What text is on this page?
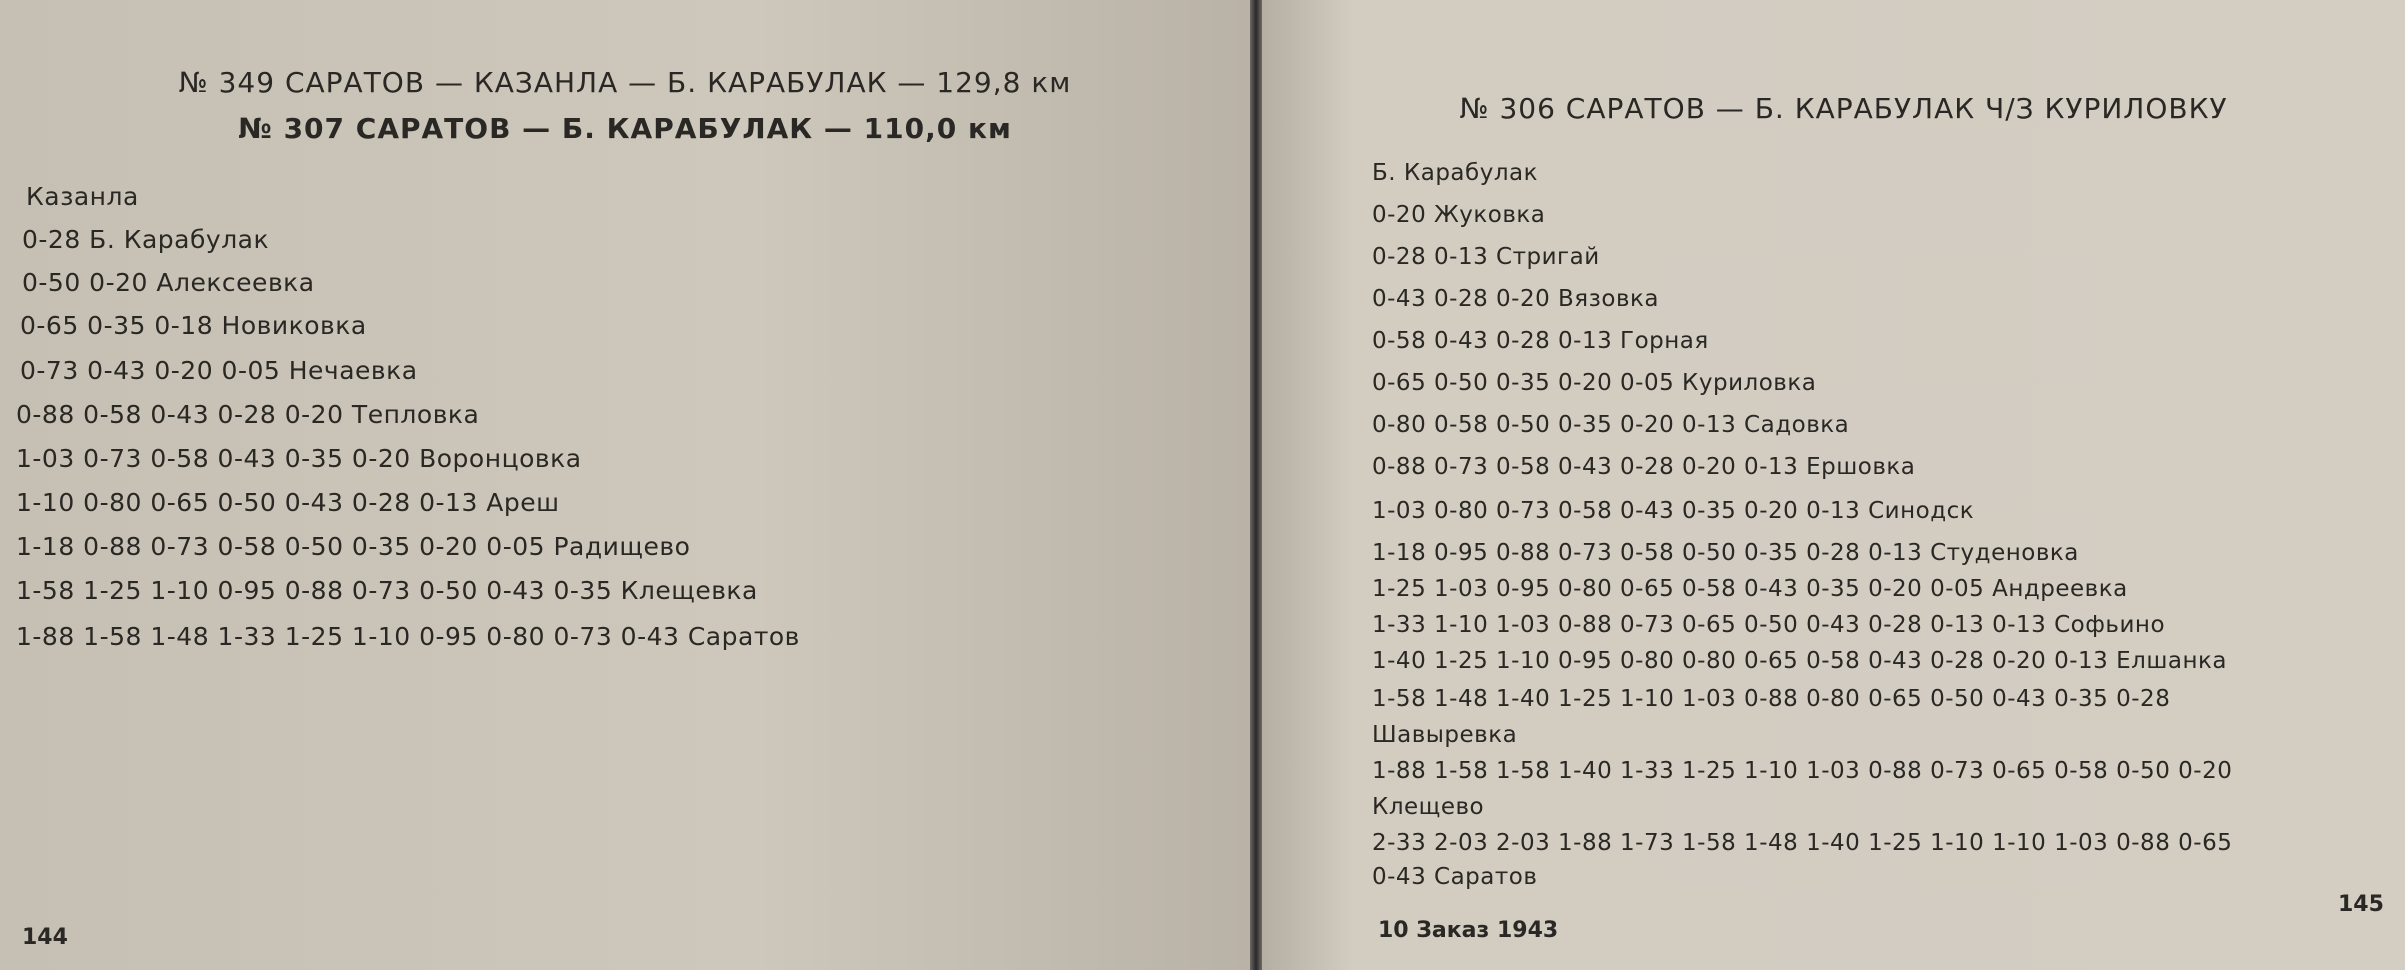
№ 349 САРАТОВ — КАЗАНЛА — Б. КАРАБУЛАК — 129,8 км
№ 307 САРАТОВ — Б. КАРАБУЛАК — 110,0 км
Казанла
0-28 Б. Карабулак
0-50 0-20 Алексеевка
0-65 0-35 0-18 Новиковка
0-73 0-43 0-20 0-05 Нечаевка
0-88 0-58 0-43 0-28 0-20 Тепловка
1-03 0-73 0-58 0-43 0-35 0-20 Воронцовка
1-10 0-80 0-65 0-50 0-43 0-28 0-13 Ареш
1-18 0-88 0-73 0-58 0-50 0-35 0-20 0-05 Радищево
1-58 1-25 1-10 0-95 0-88 0-73 0-50 0-43 0-35 Клещевка
1-88 1-58 1-48 1-33 1-25 1-10 0-95 0-80 0-73 0-43 Саратов
144
№ 306 САРАТОВ — Б. КАРАБУЛАК Ч/З КУРИЛОВКУ
Б. Карабулак
0-20 Жуковка
0-28 0-13 Стригай
0-43 0-28 0-20 Вязовка
0-58 0-43 0-28 0-13 Горная
0-65 0-50 0-35 0-20 0-05 Куриловка
0-80 0-58 0-50 0-35 0-20 0-13 Садовка
0-88 0-73 0-58 0-43 0-28 0-20 0-13 Ершовка
1-03 0-80 0-73 0-58 0-43 0-35 0-20 0-13 Синодск
1-18 0-95 0-88 0-73 0-58 0-50 0-35 0-28 0-13 Студеновка
1-25 1-03 0-95 0-80 0-65 0-58 0-43 0-35 0-20 0-05 Андреевка
1-33 1-10 1-03 0-88 0-73 0-65 0-50 0-43 0-28 0-13 0-13 Софьино
1-40 1-25 1-10 0-95 0-80 0-80 0-65 0-58 0-43 0-28 0-20 0-13 Елшанка
1-58 1-48 1-40 1-25 1-10 1-03 0-88 0-80 0-65 0-50 0-43 0-35 0-28
Шавыревка
1-88 1-58 1-58 1-40 1-33 1-25 1-10 1-03 0-88 0-73 0-65 0-58 0-50 0-20
Клещево
2-33 2-03 2-03 1-88 1-73 1-58 1-48 1-40 1-25 1-10 1-10 1-03 0-88 0-65
0-43 Саратов
10 Заказ 1943
145
